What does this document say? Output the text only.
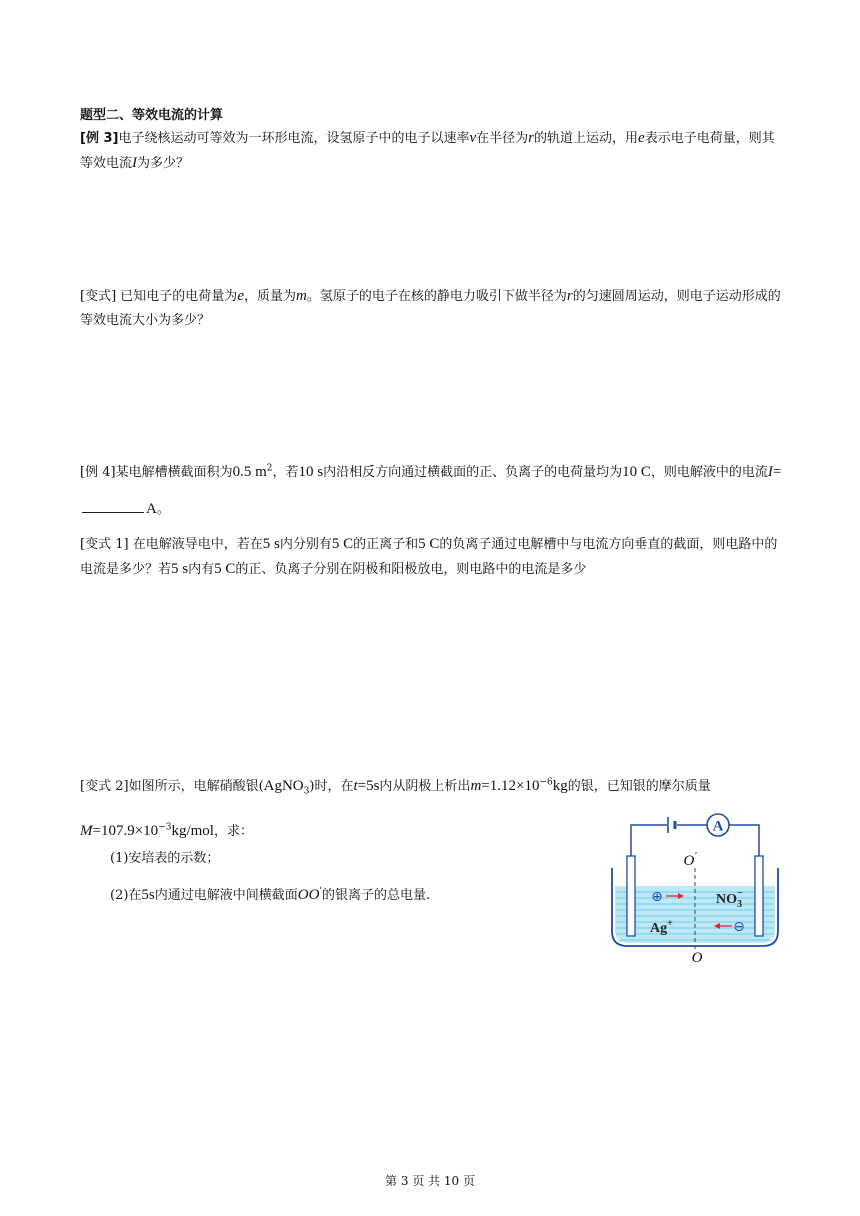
题型二、等效电流的计算

[例 3]电子绕核运动可等效为一环形电流，设氢原子中的电子以速率v在半径为r的轨道上运动，用e表示电子电荷量，则其等效电流I为多少？

[变式] 已知电子的电荷量为e，质量为m。氢原子的电子在核的静电力吸引下做半径为r的匀速圆周运动，则电子运动形成的等效电流大小为多少？

[例 4]某电解槽横截面积为0.5 $m^2$，若10 s内沿相反方向通过横截面的正、负离子的电荷量均为10 C，则电解液中的电流I=A。

[变式 1] 在电解液导电中，若在5 s内分别有5 C的正离子和5 C的负离子通过电解槽中与电流方向垂直的截面，则电路中的电流是多少？若5 s内有5 C的正、负离子分别在阴极和阳极放电，则电路中的电流是多少

[变式 2]如图所示，电解硝酸银(AgNO$_3$)时，在t=5s内从阴极上析出$m=1.12\times 10^{-6}kg$的银，已知银的摩尔质量$M=107.9\times 10^{-3}kg$/mol，求：

(1)安培表的示数；

(2)在5s内通过电解液中间横截面OO'的银离子的总电量.

A
O′
O
⊕	$NO_3-$
Ag+	⊖
第 3 页 共 10 页
